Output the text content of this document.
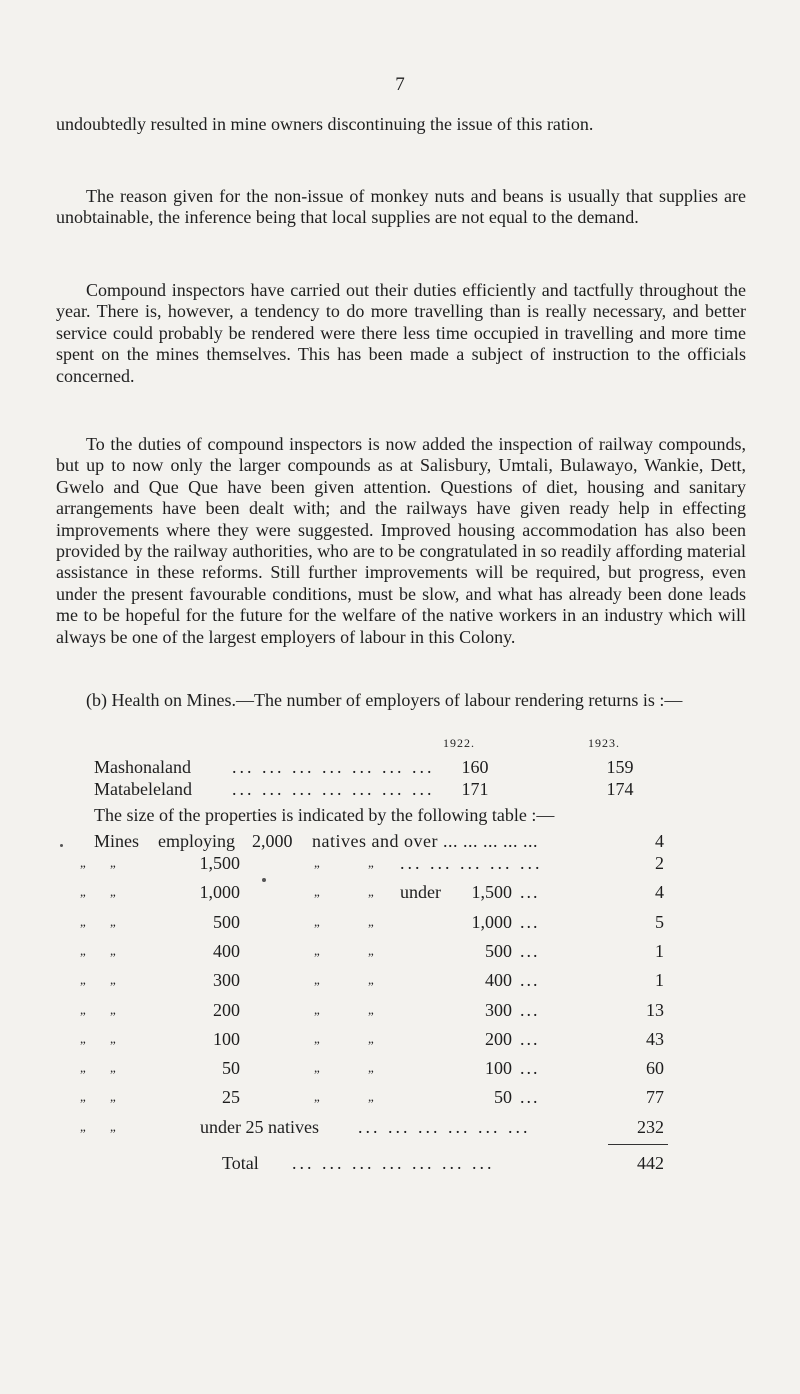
7

undoubtedly resulted in mine owners discontinuing the issue of this ration.

The reason given for the non-issue of monkey nuts and beans is usually that supplies are unobtainable, the inference being that local supplies are not equal to the demand.

Compound inspectors have carried out their duties efficiently and tactfully throughout the year. There is, however, a tendency to do more travelling than is really necessary, and better service could probably be rendered were there less time occupied in travelling and more time spent on the mines themselves. This has been made a subject of instruction to the officials concerned.

To the duties of compound inspectors is now added the inspection of railway compounds, but up to now only the larger compounds as at Salisbury, Umtali, Bulawayo, Wankie, Dett, Gwelo and Que Que have been given attention. Questions of diet, housing and sanitary arrangements have been dealt with; and the railways have given ready help in effecting improvements where they were suggested. Improved housing accommodation has also been provided by the railway authorities, who are to be congratulated in so readily affording material assistance in these reforms. Still further improvements will be required, but progress, even under the present favourable conditions, must be slow, and what has already been done leads me to be hopeful for the future for the welfare of the native workers in an industry which will always be one of the largest employers of labour in this Colony.

(b) Health on Mines.—The number of employers of labour rendering returns is :—

1922.	1923.
Mashonaland ... ... ... ... ... ... ...	160	159
Matabeleland ... ... ... ... ... ... ...	171	174
The size of the properties is indicated by the following table :—
Mines employing 2,000 natives and over ... ... ... ... ...	4
„ „	1,500	„	„ ... ... ... ... ...	2
„ „	1,000	„	„ under	1,500 ...	4
„ „	500	„	„	1,000 ...	5
„ „	400	„	„	500 ...	1
„ „	300	„	„	400 ...	1
„ „	200	„	„	300 ...	13
„ „	100	„	„	200 ...	43
„ „	50	„	„	100 ...	60
„ „	25	„	„	50 ...	77
„ „	under 25 natives ... ... ... ... ... ...	232
Total ... ... ... ... ... ... ...	442
